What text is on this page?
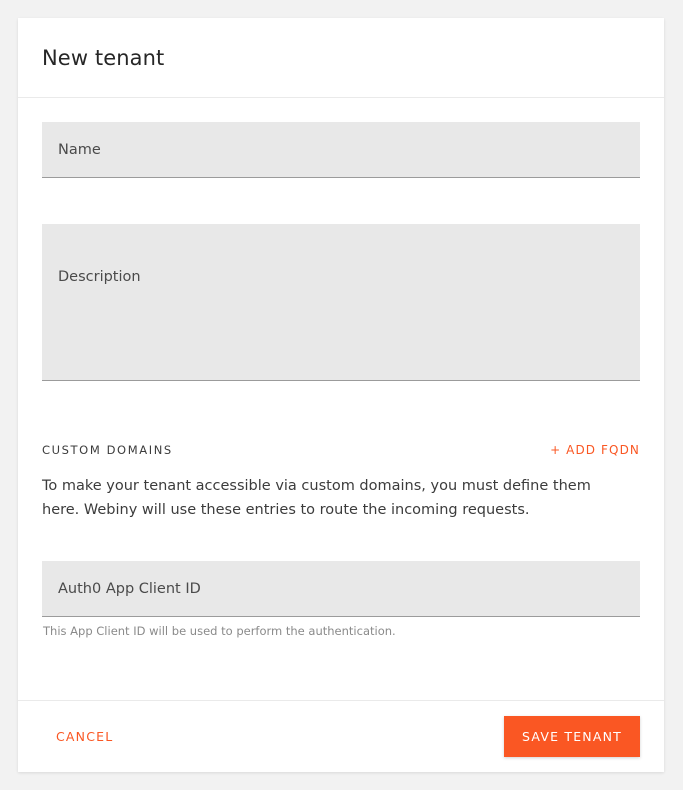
New tenant
Name
Description
CUSTOM DOMAINS	+ ADD FQDN
To make your tenant accessible via custom domains, you must define them here. Webiny will use these entries to route the incoming requests.
Auth0 App Client ID
This App Client ID will be used to perform the authentication.
CANCEL	SAVE TENANT
